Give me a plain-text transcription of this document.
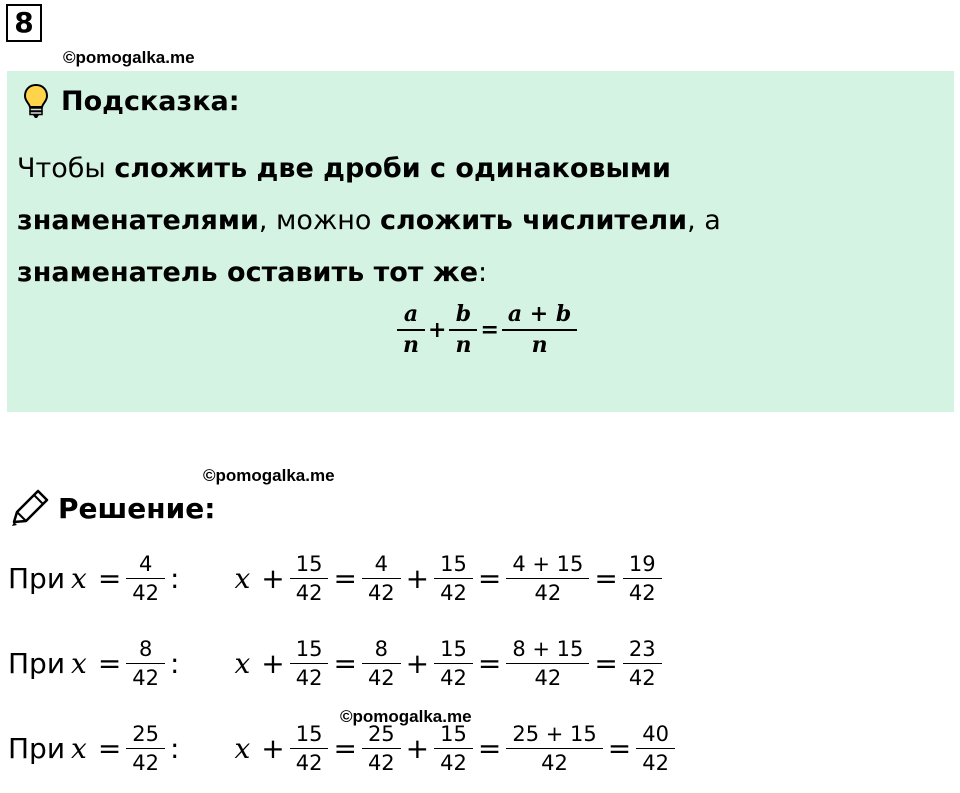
8
©pomogalka.me
Подсказка:
Чтобы сложить две дроби с одинаковыми знаменателями, можно сложить числители, а знаменатель оставить тот же:
$\frac{a}{n} + \frac{b}{n} = \frac{a + b}{n}$
©pomogalka.me
Решение:
При 𝑥 = $\frac{4}{42}$ : 𝑥 + $\frac{15}{42} = \frac{4}{42} + \frac{15}{42} = \frac{4 + 15}{42} = \frac{19}{42}$
При 𝑥 = $\frac{8}{42}$ : 𝑥 + $\frac{15}{42} = \frac{8}{42} + \frac{15}{42} = \frac{8 + 15}{42} = \frac{23}{42}$
©pomogalka.me
При 𝑥 = $\frac{25}{42}$ : 𝑥 + $\frac{15}{42} = \frac{25}{42} + \frac{15}{42} = \frac{25 + 15}{42} = \frac{40}{42}$
